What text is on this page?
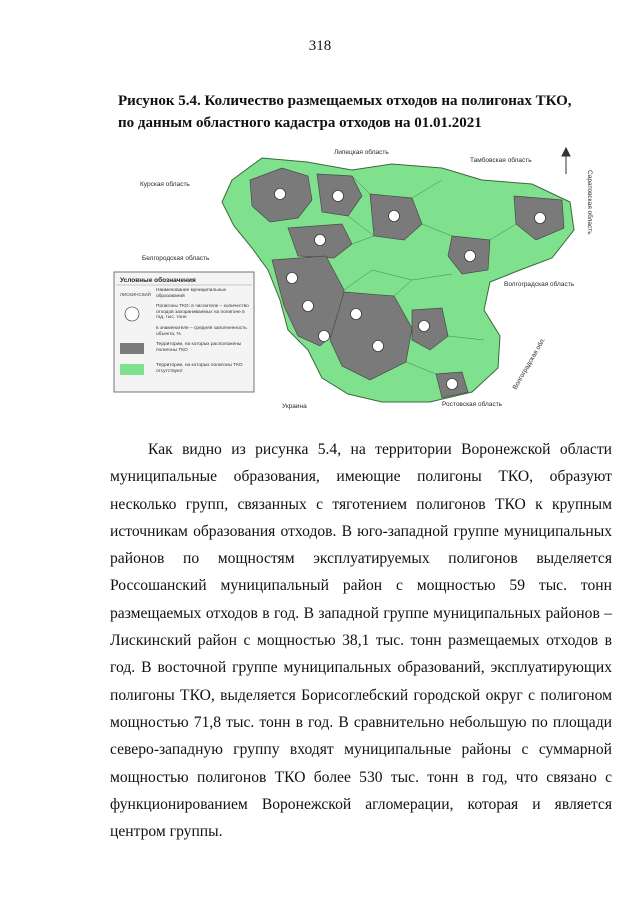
318
Рисунок 5.4. Количество размещаемых отходов на полигонах ТКО,
по данным областного кадастра отходов на 01.01.2021
Липецкая область
Тамбовская область
Курская область	Саратовская область
Белгородская область
Волгоградская область
Волгоградская обл.
Ростовская область
Украина
Условные обозначения
ЛИСКИНСКИЙ
Наименование муниципальных образований
Полигоны ТКО: в числителе – количество отходов захораниваемых на полигоне в год, тыс. тонн
в знаменателе – средняя заполненность объекта, %
Территории, на которых расположены полигоны ТКО
Территории, на которых полигоны ТКО отсутствуют

Как видно из рисунка 5.4, на территории Воронежской области муниципальные образования, имеющие полигоны ТКО, образуют несколько групп, связанных с тяготением полигонов ТКО к крупным источникам образования отходов. В юго-западной группе муниципальных районов по мощностям эксплуатируемых полигонов выделяется Россошанский муниципальный район с мощностью 59 тыс. тонн размещаемых отходов в год. В западной группе муниципальных районов – Лискинский район с мощностью 38,1 тыс. тонн размещаемых отходов в год. В восточной группе муниципальных образований, эксплуатирующих полигоны ТКО, выделяется Борисоглебский городской округ с полигоном мощностью 71,8 тыс. тонн в год. В сравнительно небольшую по площади северо-западную группу входят муниципальные районы с суммарной мощностью полигонов ТКО более 530 тыс. тонн в год, что связано с функционированием Воронежской агломерации, которая и является центром группы.
